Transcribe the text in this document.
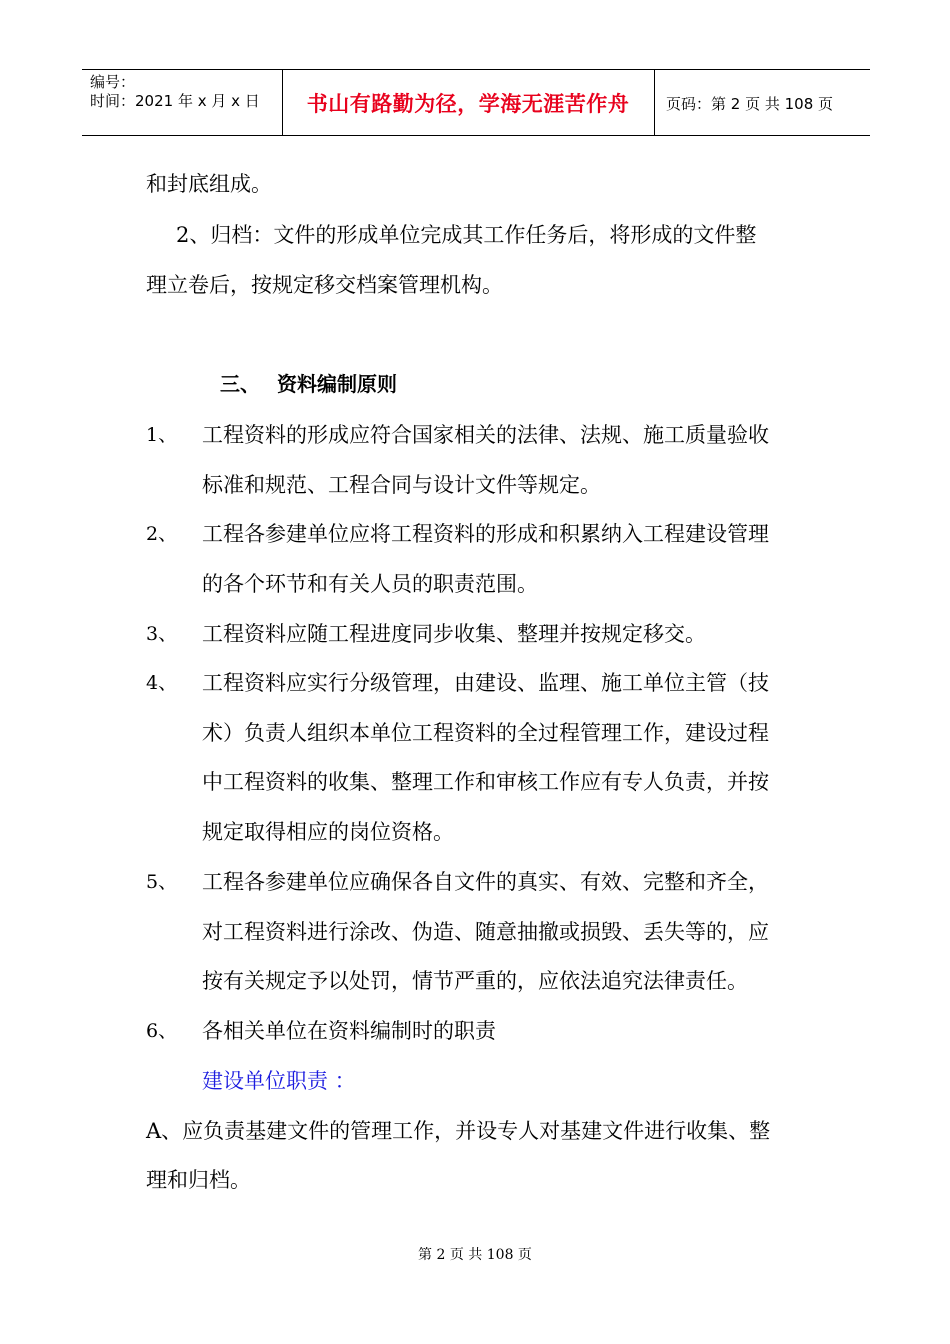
编号：
时间：2021 年 x 月 x 日	书山有路勤为径，学海无涯苦作舟	页码：第 2 页 共 108 页
和封底组成。
2、归档：文件的形成单位完成其工作任务后，将形成的文件整
理立卷后，按规定移交档案管理机构。
三、 资料编制原则
1、 工程资料的形成应符合国家相关的法律、法规、施工质量验收
标准和规范、工程合同与设计文件等规定。
2、 工程各参建单位应将工程资料的形成和积累纳入工程建设管理
的各个环节和有关人员的职责范围。
3、 工程资料应随工程进度同步收集、整理并按规定移交。
4、 工程资料应实行分级管理，由建设、监理、施工单位主管（技
术）负责人组织本单位工程资料的全过程管理工作，建设过程
中工程资料的收集、整理工作和审核工作应有专人负责，并按
规定取得相应的岗位资格。
5、 工程各参建单位应确保各自文件的真实、有效、完整和齐全，
对工程资料进行涂改、伪造、随意抽撤或损毁、丢失等的，应
按有关规定予以处罚，情节严重的，应依法追究法律责任。
6、 各相关单位在资料编制时的职责
建设单位职责 ：
A、应负责基建文件的管理工作，并设专人对基建文件进行收集、整
理和归档。
第 2 页 共 108 页
